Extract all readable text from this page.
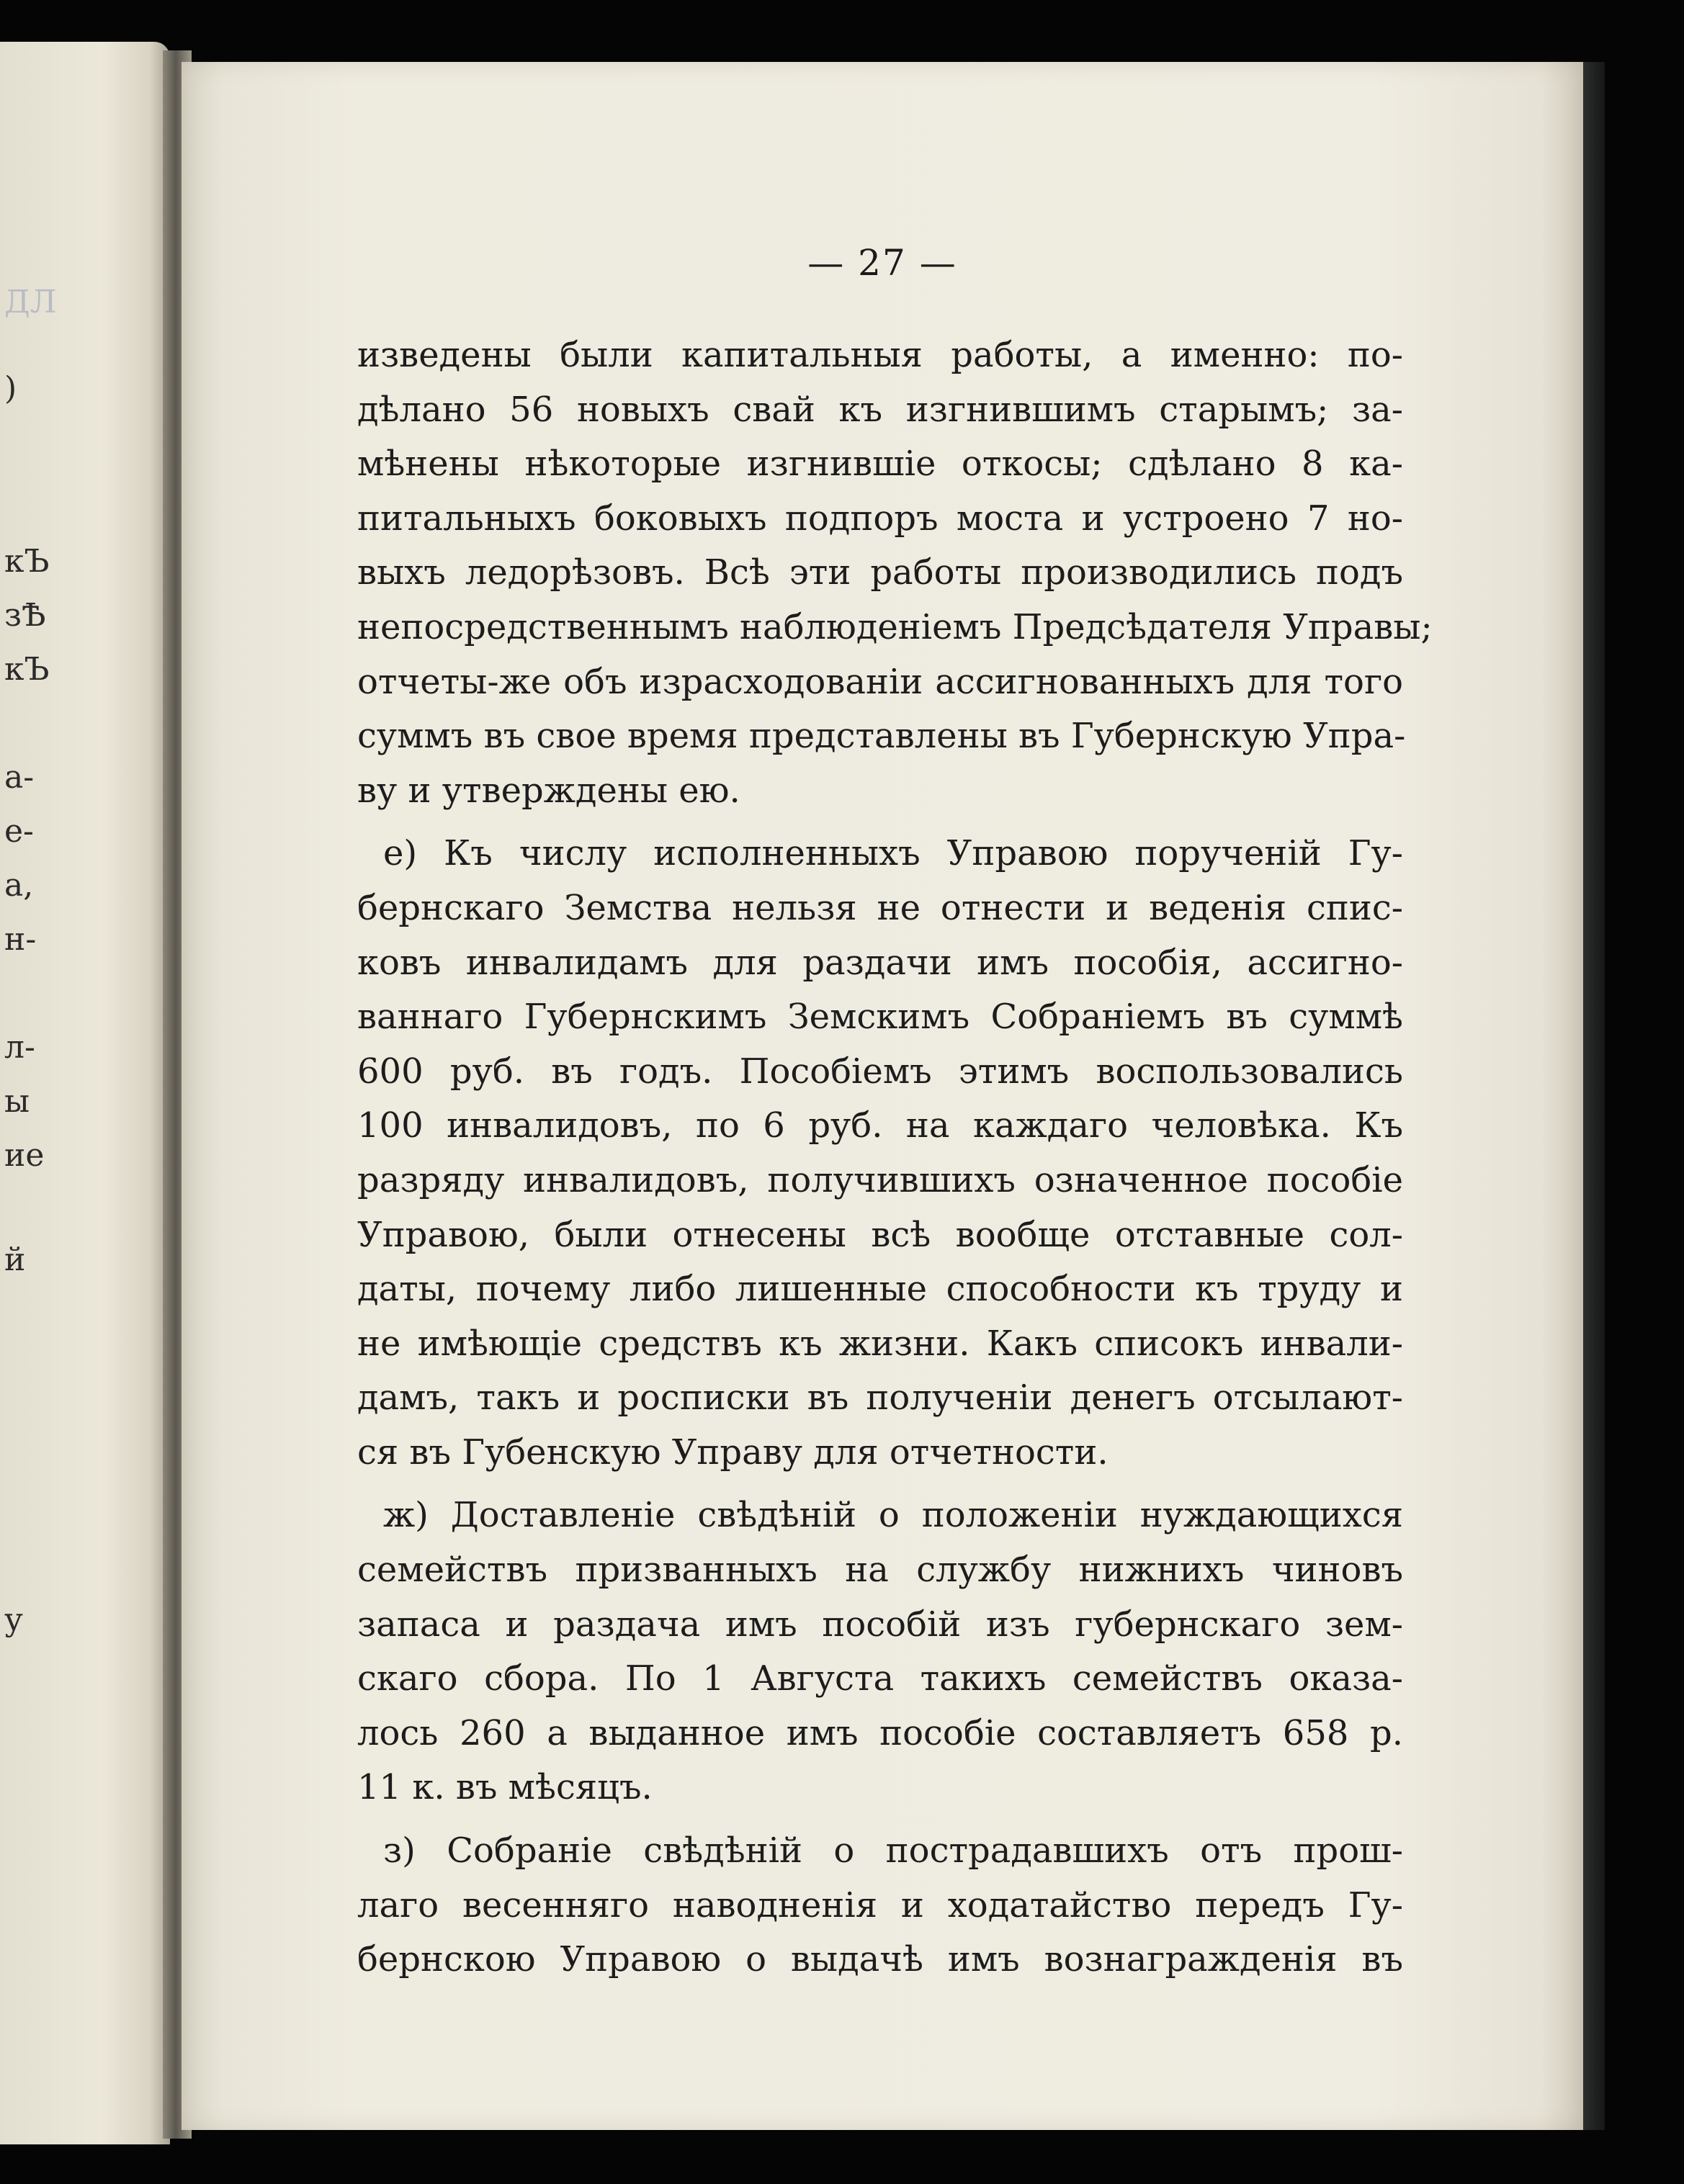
ДЛ
)
кЪ
зѢ
кЪ
а-
е-
а,
н-
л-
ы
ие
й
у
— 27 —
изведены были капитальныя работы, а именно: по-
дѣлано 56 новыхъ свай къ изгнившимъ старымъ; за-
мѣнены нѣкоторые изгнившіе откосы; сдѣлано 8 ка-
питальныхъ боковыхъ подпоръ моста и устроено 7 но-
выхъ ледорѣзовъ. Всѣ эти работы производились подъ
непосредственнымъ наблюденіемъ Предсѣдателя Управы;
отчеты-же объ израсходованіи ассигнованныхъ для того
суммъ въ свое время представлены въ Губернскую Упра-
ву и утверждены ею.
е) Къ числу исполненныхъ Управою порученій Гу-
бернскаго Земства нельзя не отнести и веденія спис-
ковъ инвалидамъ для раздачи имъ пособія, ассигно-
ваннаго Губернскимъ Земскимъ Собраніемъ въ суммѣ
600 руб. въ годъ. Пособіемъ этимъ воспользовались
100 инвалидовъ, по 6 руб. на каждаго человѣка. Къ
разряду инвалидовъ, получившихъ означенное пособіе
Управою, были отнесены всѣ вообще отставные сол-
даты, почему либо лишенные способности къ труду и
не имѣющіе средствъ къ жизни. Какъ списокъ инвали-
дамъ, такъ и росписки въ полученіи денегъ отсылают-
ся въ Губенскую Управу для отчетности.
ж) Доставленіе свѣдѣній о положеніи нуждающихся
семействъ призванныхъ на службу нижнихъ чиновъ
запаса и раздача имъ пособій изъ губернскаго зем-
скаго сбора. По 1 Августа такихъ семействъ оказа-
лось 260 а выданное имъ пособіе составляетъ 658 р.
11 к. въ мѣсяцъ.
з) Собраніе свѣдѣній о пострадавшихъ отъ прош-
лаго весенняго наводненія и ходатайство передъ Гу-
бернскою Управою о выдачѣ имъ вознагражденія въ
